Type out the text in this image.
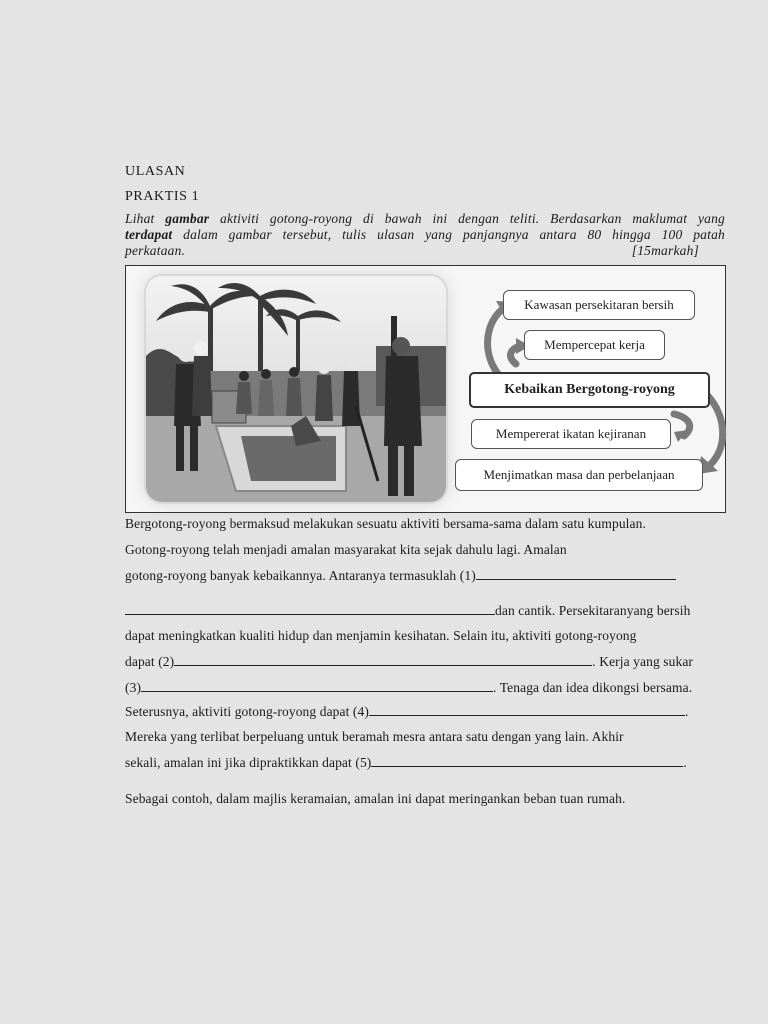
ULASAN
PRAKTIS 1
Lihat gambar aktiviti gotong-royong di bawah ini dengan teliti. Berdasarkan maklumat yang
terdapat dalam gambar tersebut, tulis ulasan yang panjangnya antara 80 hingga 100 patah
perkataan.	[15markah]
Kawasan persekitaran bersih
Mempercepat kerja
Kebaikan Bergotong-royong
Mempererat ikatan kejiranan
Menjimatkan masa dan perbelanjaan
Bergotong-royong bermaksud melakukan sesuatu aktiviti bersama-sama dalam satu kumpulan.
Gotong-royong telah menjadi amalan masyarakat kita sejak dahulu lagi. Amalan
gotong-royong banyak kebaikannya. Antaranya termasuklah (1)
dan cantik. Persekitaranyang bersih
dapat meningkatkan kualiti hidup dan menjamin kesihatan. Selain itu, aktiviti gotong-royong
dapat (2)	. Kerja yang sukar
(3)	. Tenaga dan idea dikongsi bersama.
Seterusnya, aktiviti gotong-royong dapat (4)	.
Mereka yang terlibat berpeluang untuk beramah mesra antara satu dengan yang lain. Akhir
sekali, amalan ini jika dipraktikkan dapat (5)	.
Sebagai contoh, dalam majlis keramaian, amalan ini dapat meringankan beban tuan rumah.
